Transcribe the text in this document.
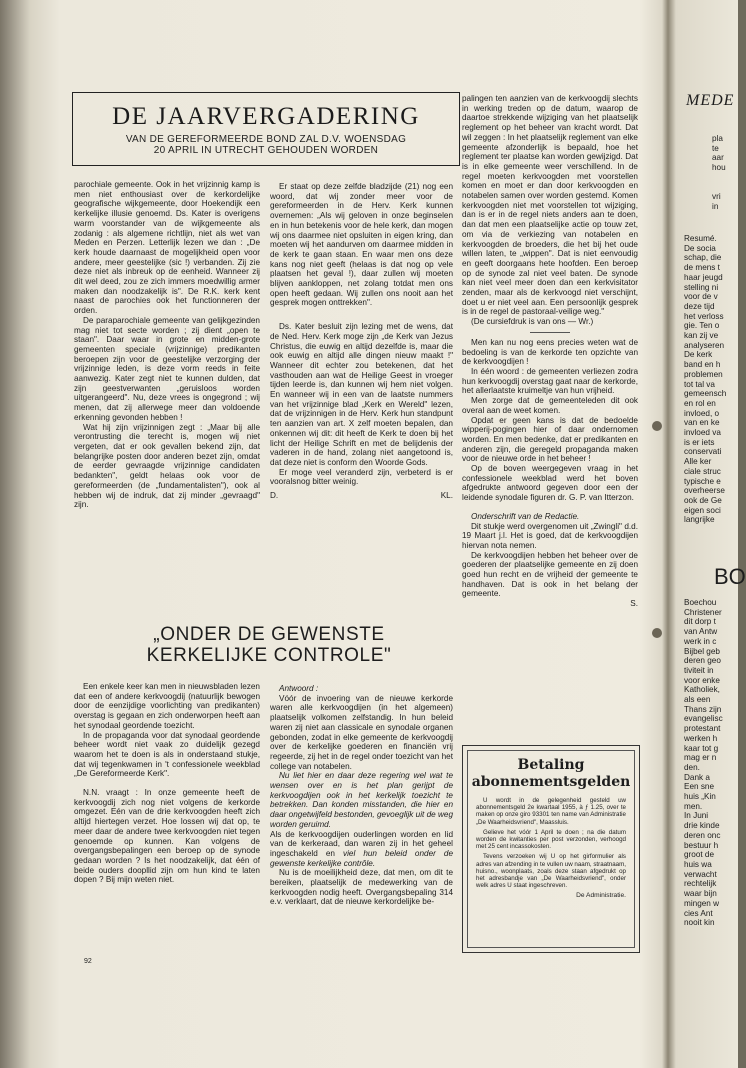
DE JAARVERGADERING
VAN DE GEREFORMEERDE BOND ZAL D.V. WOENSDAG
20 APRIL IN UTRECHT GEHOUDEN WORDEN

parochiale gemeente. Ook in het vrijzinnig kamp is men niet enthousiast over de kerkordelijke geografische wijkgemeente, door Hoekendijk een kerkelijke illusie genoemd. Ds. Kater is overigens warm voorstander van de wijkgemeente als zodanig : als algemene richtlijn, niet als wet van Meden en Perzen. Letterlijk lezen we dan : „De kerk houde daarnaast de mogelijkheid open voor andere, meer geestelijke (sic !) verbanden. Zij zie deze niet als inbreuk op de eenheid. Wanneer zij dit wel deed, zou ze zich immers moedwillig armer maken dan noodzakelijk is". De R.K. kerk kent naast de parochies ook het functionneren der orden.

De paraparochiale gemeente van gelijkgezinden mag niet tot secte worden ; zij dient „open te staan". Daar waar in grote en midden-grote gemeenten speciale (vrijzinnige) predikanten beroepen zijn voor de geestelijke verzorging der vrijzinnige leden, is deze vorm reeds in feite aanwezig. Kater zegt niet te kunnen dulden, dat zijn geestverwanten „geruisloos worden uitgerangeerd". Nu, deze vrees is ongegrond ; wij menen, dat zij allerwege meer dan voldoende erkenning gevonden hebben !

Wat hij zijn vrijzinnigen zegt : „Maar bij alle verontrusting die terecht is, mogen wij niet vergeten, dat er ook gevallen bekend zijn, dat belangrijke posten door anderen bezet zijn, omdat de eerder gevraagde vrijzinnige candidaten bedankten", geldt helaas ook voor de gereformeerden (de „fundamentalisten"), ook al hebben wij de indruk, dat zij minder „gevraagd" zijn.

Er staat op deze zelfde bladzijde (21) nog een woord, dat wij zonder meer voor de gereformeerden in de Herv. Kerk kunnen overnemen: „Als wij geloven in onze beginselen en in hun betekenis voor de hele kerk, dan mogen wij ons daarmee niet opsluiten in eigen kring, dan moeten wij het aandurven om daarmee midden in de kerk te gaan staan. En waar men ons deze kans nog niet geeft (helaas is dat nog op vele plaatsen het geval !), daar zullen wij moeten blijven aankloppen, net zolang totdat men ons open heeft gedaan. Wij zullen ons nooit aan het gesprek mogen onttrekken".

Ds. Kater besluit zijn lezing met de wens, dat de Ned. Herv. Kerk moge zijn „de Kerk van Jezus Christus, die euwig en altijd dezelfde is, maar die ook euwig en altijd alle dingen nieuw maakt !" Wanneer dit echter zou betekenen, dat het vasthouden aan wat de Heilige Geest in vroeger tijden leerde is, dan kunnen wij hem niet volgen. En wanneer wij in een van de laatste nummers van het vrijzinnige blad „Kerk en Wereld" lezen, dat de vrijzinnigen in de Herv. Kerk hun standpunt ten aanzien van art. X zelf moeten bepalen, dan onkennen wij dit: dit heeft de Kerk te doen bij het licht der Heilige Schrift en met de belijdenis der vaderen in de hand, zolang niet aangetoond is, dat deze niet is conform den Woorde Gods.

Er moge veel veranderd zijn, verbeterd is er vooralsnog bitter weinig.

D.	KL.

palingen ten aanzien van de kerkvoogdij slechts in werking treden op de datum, waarop de daartoe strekkende wijziging van het plaatselijk reglement op het beheer van kracht wordt. Dat wil zeggen : In het plaatselijk reglement van elke gemeente afzonderlijk is bepaald, hoe het reglement ter plaatse kan worden gewijzigd. Dat is in elke gemeente weer verschillend. In de regel moeten kerkvoogden met voorstellen komen en moet er dan door kerkvoogden en notabelen samen over worden gestemd. Komen kerkvoogden niet met voorstellen tot wijziging, dan is er in de regel niets anders aan te doen, dan dat men een plaatselijke actie op touw zet, om via de verkiezing van notabelen en kerkvoogden de broeders, die het bij het oude willen laten, te „wippen". Dat is niet eenvoudig en geeft doorgaans hete hoofden. Een beroep op de synode zal niet veel baten. De synode kan niet veel meer doen dan een kerkvisitator zenden, maar als de kerkvoogd niet verschijnt, doet u er niet veel aan. Een persoonlijk gesprek is in de regel de pastoraal-veilige weg."

(De cursiefdruk is van ons — Wr.)

Men kan nu nog eens precies weten wat de bedoeling is van de kerkorde ten opzichte van de kerkvoogdijen !

In één woord : de gemeenten verliezen zodra hun kerkvoogdij overstag gaat naar de kerkorde, het allerlaatste kruimeltje van hun vrijheid.

Men zorge dat de gemeenteleden dit ook overal aan de weet komen.

Opdat er geen kans is dat de bedoelde wipperij-pogingen hier of daar ondernomen worden. En men bedenke, dat er predikanten en anderen zijn, die geregeld propaganda maken voor de nieuwe orde in het beheer !

Op de boven weergegeven vraag in het confessionele weekblad werd het boven afgedrukte antwoord gegeven door een der leidende synodale figuren dr. G. P. van Itterzon.

Onderschrift van de Redactie.

Dit stukje werd overgenomen uit „Zwingli" d.d. 19 Maart j.l. Het is goed, dat de kerkvoogdijen hiervan nota nemen.

De kerkvoogdijen hebben het beheer over de goederen der plaatselijke gemeente en zij doen goed hun recht en de vrijheid der gemeente te handhaven. Dat is ook in het belang der gemeente.

S.

„ONDER DE GEWENSTE
KERKELIJKE CONTROLE"

Een enkele keer kan men in nieuwsbladen lezen dat een of andere kerkvoogdij (natuurlijk bewogen door de eenzijdige voorlichting van predikanten) overstag is gegaan en zich onderworpen heeft aan het synodaal geordende toezicht.

In de propaganda voor dat synodaal geordende beheer wordt niet vaak zo duidelijk gezegd waarom het te doen is als in onderstaand stukje, dat wij tegenkwamen in 't confessionele weekblad „De Gereformeerde Kerk".

N.N. vraagt : In onze gemeente heeft de kerkvoogdij zich nog niet volgens de kerkorde omgezet. Eén van de drie kerkvoogden heeft zich altijd hiertegen verzet. Hoe lossen wij dat op, te meer daar de andere twee kerkvoogden niet tegen genoemde op kunnen. Kan volgens de overgangsbepalingen een beroep op de synode gedaan worden ? Is het noodzakelijk, dat één of beide ouders doopllid zijn om hun kind te laten dopen ? Bij mijn weten niet.

Antwoord :

Vóór de invoering van de nieuwe kerkorde waren alle kerkvoogdijen (in het algemeen) plaatselijk volkomen zelfstandig. In hun beleid waren zij niet aan classicale en synodale organen gebonden, zodat in elke gemeente de kerkvoogdij over de kerkelijke goederen en financiën vrij regeerde, zij het in de regel onder toezicht van het college van notabelen.

Nu liet hier en daar deze regering wel wat te wensen over en is het plan gerijpt de kerkvoogdijen ook in het kerkelijk toezicht te betrekken. Dan konden misstanden, die hier en daar ongetwijfeld bestonden, gevoeglijk uit de weg worden geruimd.

Als de kerkvoogdijen ouderlingen worden en lid van de kerkeraad, dan waren zij in het geheel ingeschakeld en viel hun beleid onder de gewenste kerkelijke contrôle.

Nu is de moeilijkheid deze, dat men, om dit te bereiken, plaatselijk de medewerking van de kerkvoogden nodig heeft. Overgangsbepaling 314 e.v. verklaart, dat de nieuwe kerkordelijke be-

Betaling
abonnementsgelden

U wordt in de gelegenheid gesteld uw abonnementsgeld 2e kwartaal 1955, à ƒ 1.25, over te maken op onze giro 93301 ten name van Administratie „De Waarheidsvriend", Maassluis.

Gelieve het vóór 1 April te doen ; na die datum worden de kwitanties per post verzonden, verhoogd met 25 cent incassokosten.

Tevens verzoeken wij U op het girformulier als adres van afzending in te vullen uw naam, straatnaam, huisno., woonplaats, zoals deze staan afgedrukt op het adresbandje van „De Waarheidsvriend", onder welk adres U staat ingeschreven.

De Administratie.

92
MEDE
pla
te
aar
hou

vri
in
Resumé.
De socia
schap, die
de mens t
haar jeugd
stelling ni
voor de v
deze tijd
het verloss
gie. Ten o
kan zij ve
analyseren
De kerk
band en h
problemen
tot tal va
gemeensch
en rol en
invloed, o
van en ke
invloed va
is er iets
conservati
Alle ker
ciale struc
typische e
overheerse
ook de Ge
eigen soci
langrijke
BO
Boechou
Christener
dit dorp t
van Antw
werk in c
Bijbel geb
deren geo
tiviteit in
voor enke
Katholiek,
als een
Thans zijn
evangelisc
protestant
werken h
kaar tot g
mag er n
den.
Dank a
Een sne
huis „Kin
men.
In Juni
drie kinde
deren onc
bestuur h
groot de
huis wa
verwacht
rechtelijk
waar bijn
mingen w
cies Ant
nooit kin
